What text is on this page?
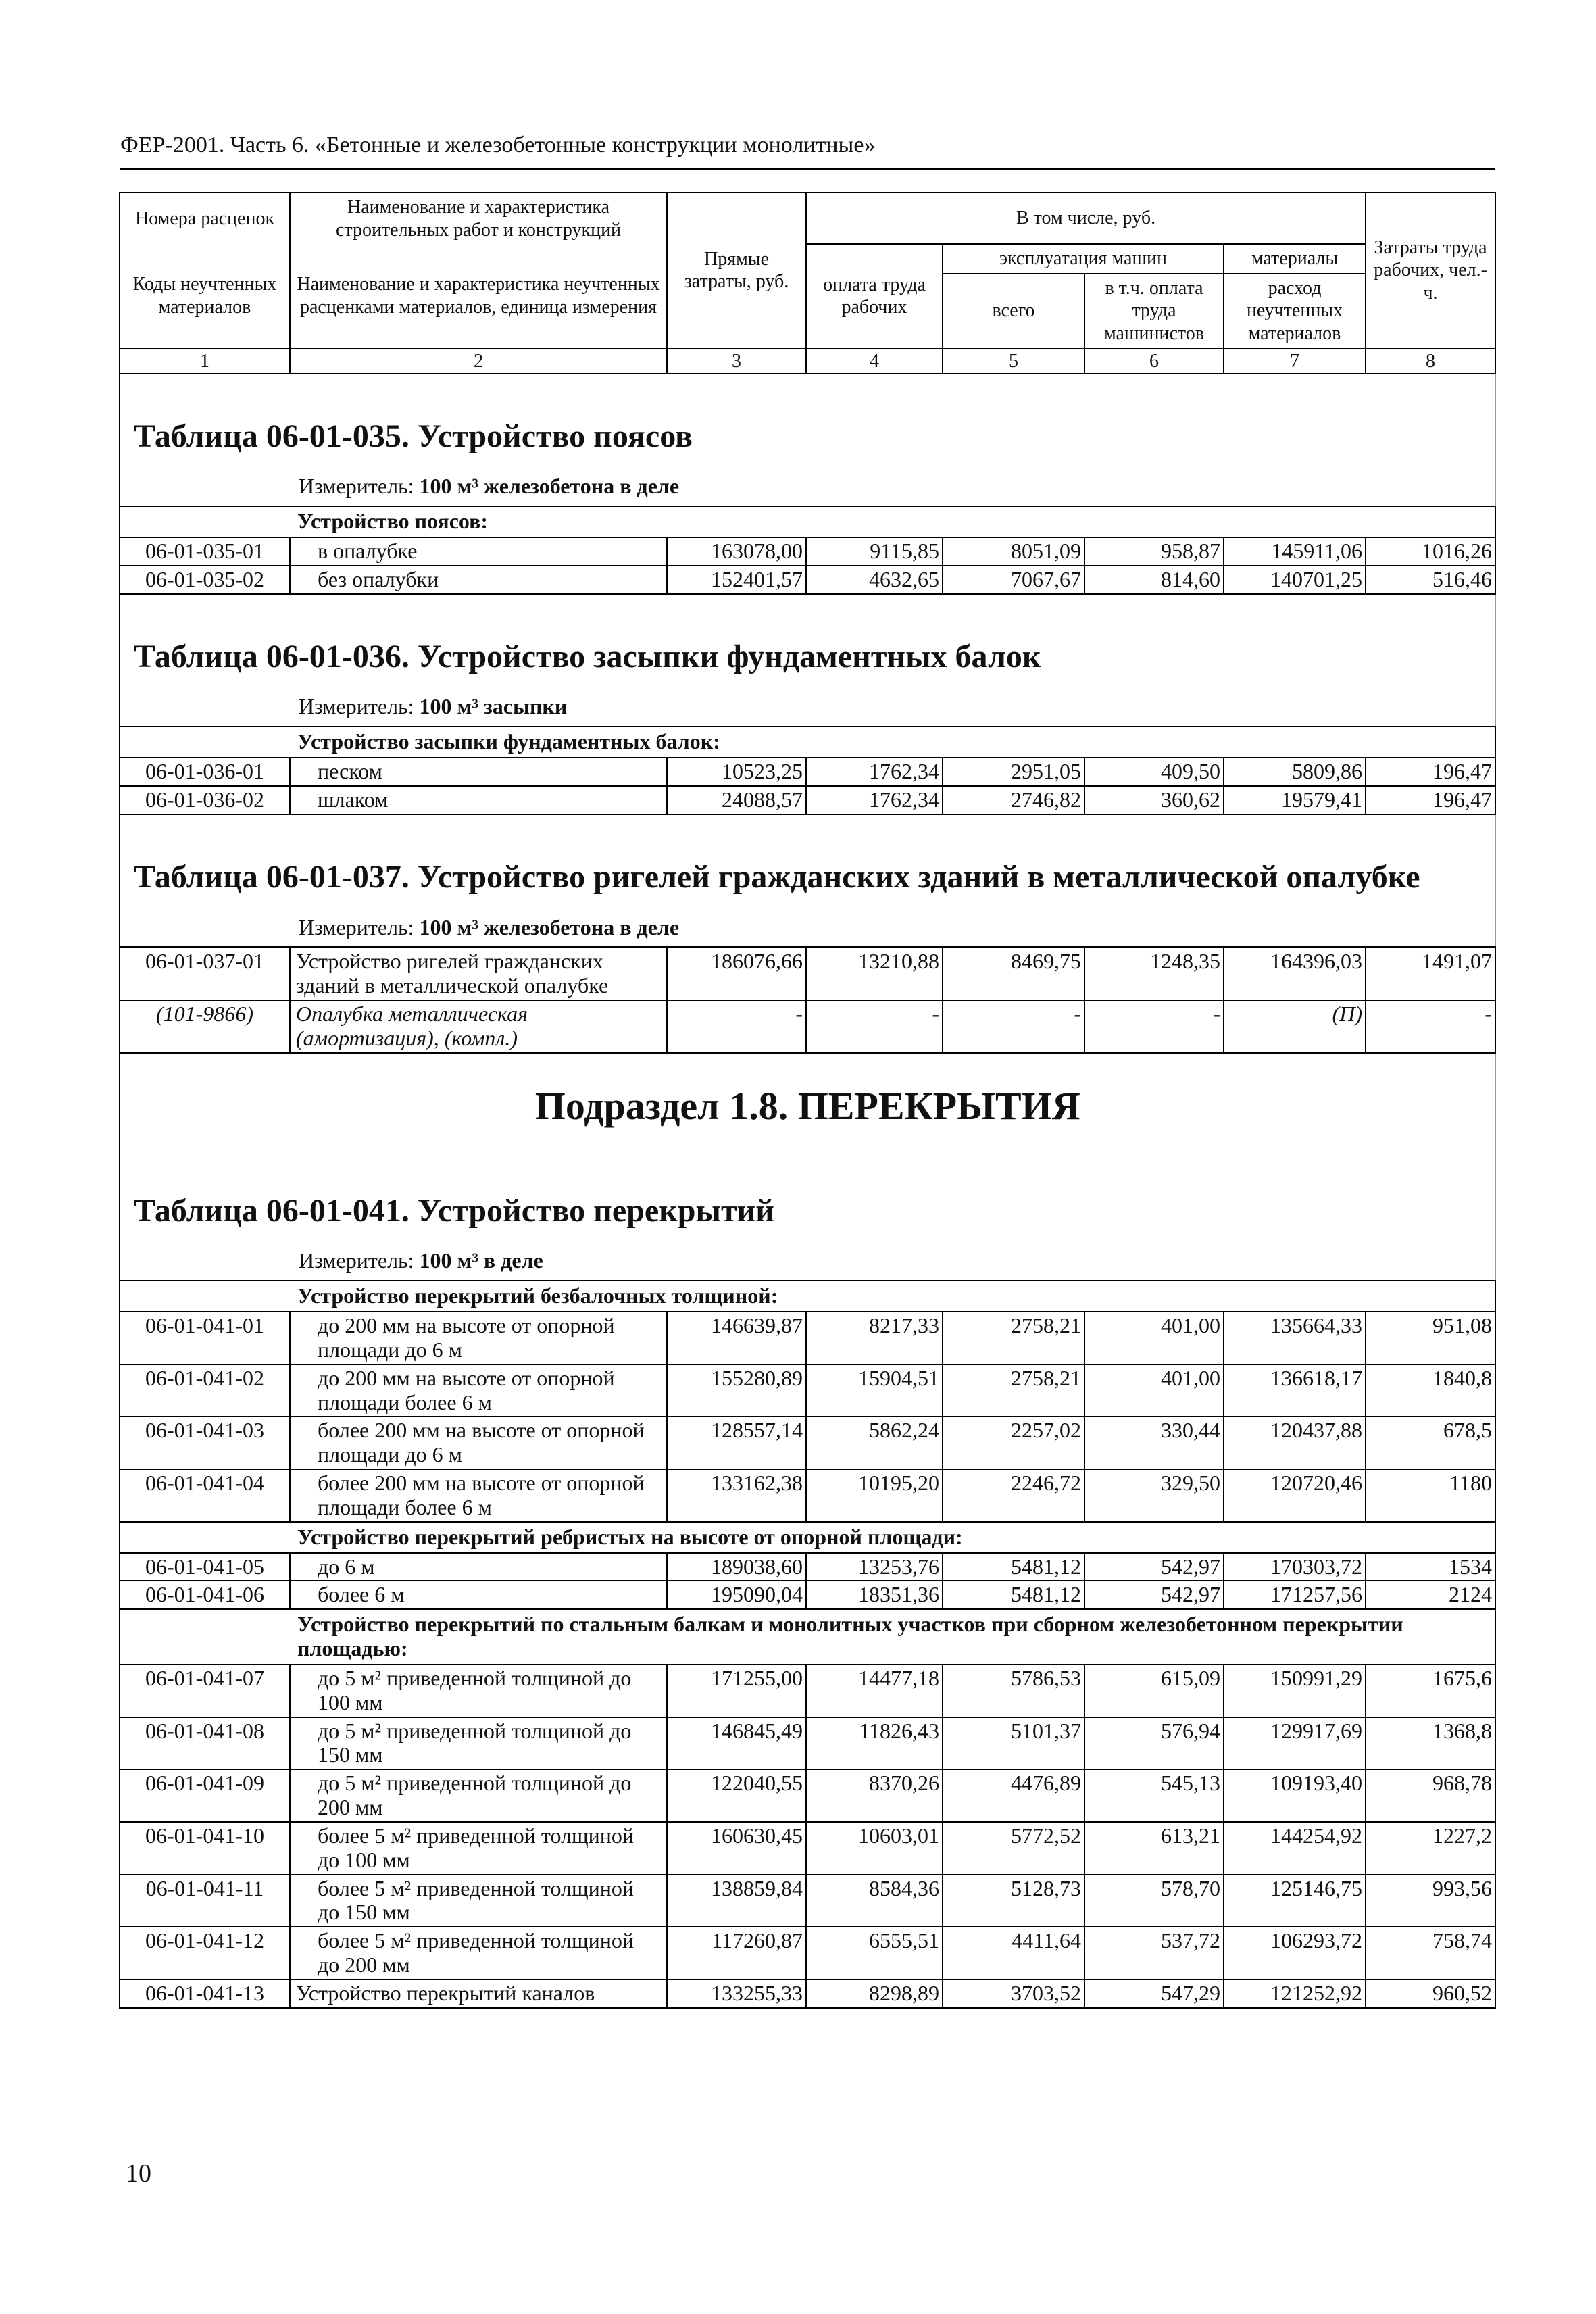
ФЕР-2001. Часть 6. «Бетонные и железобетонные конструкции монолитные»
Номера расценок	Наименование и характеристика строительных работ и конструкций	Прямые затраты, руб.	В том числе, руб.				Затраты труда рабочих, чел.-ч.
Коды неучтенных материалов	Наименование и характеристика неучтенных расценками материалов, единица измерения		оплата труда рабочих	эксплуатация машин		материалы	
				всего	в т.ч. оплата труда машинистов	расход неучтенных материалов	
1	2	3	4	5	6	7	8
Таблица 06-01-035. Устройство поясов							
Измеритель: 100 м³ железобетона в деле							
Устройство поясов:							
06-01-035-01	в опалубке	163078,00	9115,85	8051,09	958,87	145911,06	1016,26
06-01-035-02	без опалубки	152401,57	4632,65	7067,67	814,60	140701,25	516,46
Таблица 06-01-036. Устройство засыпки фундаментных балок							
Измеритель: 100 м³ засыпки							
Устройство засыпки фундаментных балок:							
06-01-036-01	песком	10523,25	1762,34	2951,05	409,50	5809,86	196,47
06-01-036-02	шлаком	24088,57	1762,34	2746,82	360,62	19579,41	196,47
Таблица 06-01-037. Устройство ригелей гражданских зданий в металлической опалубке							
Измеритель: 100 м³ железобетона в деле							
06-01-037-01	Устройство ригелей гражданских зданий в металлической опалубке	186076,66	13210,88	8469,75	1248,35	164396,03	1491,07
(101-9866)	Опалубка металлическая (амортизация), (компл.)	-	-	-	-	(П)	-
Подраздел 1.8. ПЕРЕКРЫТИЯ							
Таблица 06-01-041. Устройство перекрытий							
Измеритель: 100 м³ в деле							
Устройство перекрытий безбалочных толщиной:							
06-01-041-01	до 200 мм на высоте от опорной площади до 6 м	146639,87	8217,33	2758,21	401,00	135664,33	951,08
06-01-041-02	до 200 мм на высоте от опорной площади более 6 м	155280,89	15904,51	2758,21	401,00	136618,17	1840,8
06-01-041-03	более 200 мм на высоте от опорной площади до 6 м	128557,14	5862,24	2257,02	330,44	120437,88	678,5
06-01-041-04	более 200 мм на высоте от опорной площади более 6 м	133162,38	10195,20	2246,72	329,50	120720,46	1180
Устройство перекрытий ребристых на высоте от опорной площади:							
06-01-041-05	до 6 м	189038,60	13253,76	5481,12	542,97	170303,72	1534
06-01-041-06	более 6 м	195090,04	18351,36	5481,12	542,97	171257,56	2124
Устройство перекрытий по стальным балкам и монолитных участков при сборном железобетонном перекрытии площадью:							
06-01-041-07	до 5 м² приведенной толщиной до 100 мм	171255,00	14477,18	5786,53	615,09	150991,29	1675,6
06-01-041-08	до 5 м² приведенной толщиной до 150 мм	146845,49	11826,43	5101,37	576,94	129917,69	1368,8
06-01-041-09	до 5 м² приведенной толщиной до 200 мм	122040,55	8370,26	4476,89	545,13	109193,40	968,78
06-01-041-10	более 5 м² приведенной толщиной до 100 мм	160630,45	10603,01	5772,52	613,21	144254,92	1227,2
06-01-041-11	более 5 м² приведенной толщиной до 150 мм	138859,84	8584,36	5128,73	578,70	125146,75	993,56
06-01-041-12	более 5 м² приведенной толщиной до 200 мм	117260,87	6555,51	4411,64	537,72	106293,72	758,74
06-01-041-13	Устройство перекрытий каналов	133255,33	8298,89	3703,52	547,29	121252,92	960,52
10
